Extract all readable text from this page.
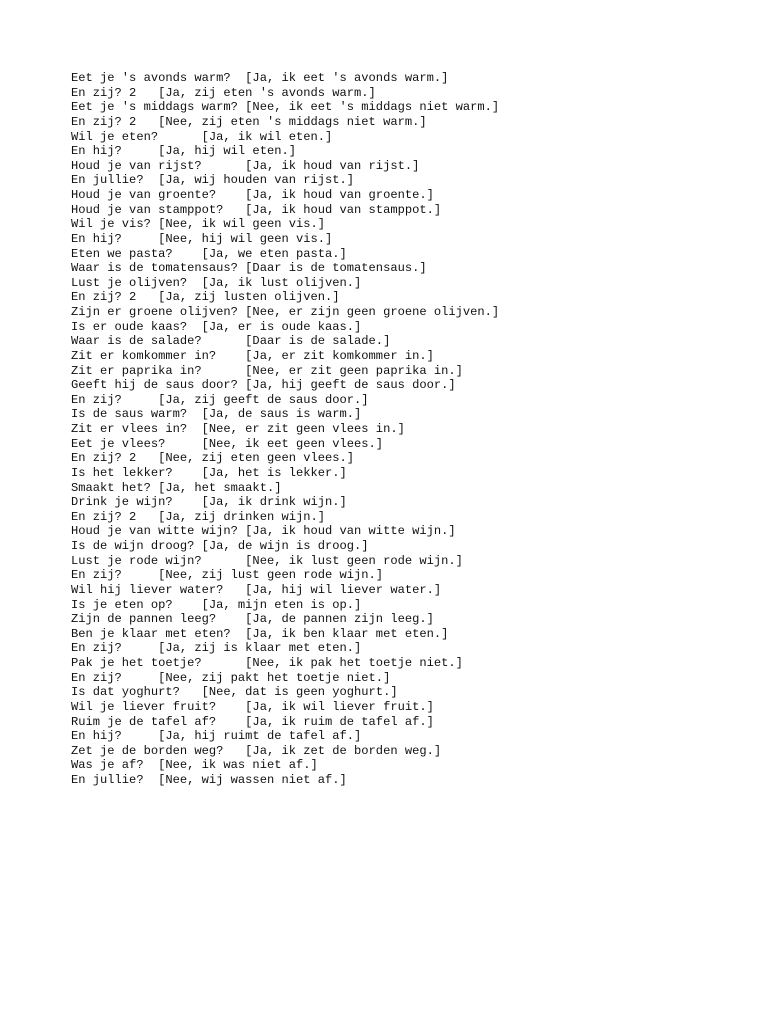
Eet je 's avonds warm?  [Ja, ik eet 's avonds warm.]

En zij? 2   [Ja, zij eten 's avonds warm.]

Eet je 's middags warm? [Nee, ik eet 's middags niet warm.]

En zij? 2   [Nee, zij eten 's middags niet warm.]

Wil je eten?      [Ja, ik wil eten.]

En hij?     [Ja, hij wil eten.]

Houd je van rijst?      [Ja, ik houd van rijst.]

En jullie?  [Ja, wij houden van rijst.]

Houd je van groente?    [Ja, ik houd van groente.]

Houd je van stamppot?   [Ja, ik houd van stamppot.]

Wil je vis? [Nee, ik wil geen vis.]

En hij?     [Nee, hij wil geen vis.]

Eten we pasta?    [Ja, we eten pasta.]

Waar is de tomatensaus? [Daar is de tomatensaus.]

Lust je olijven?  [Ja, ik lust olijven.]

En zij? 2   [Ja, zij lusten olijven.]

Zijn er groene olijven? [Nee, er zijn geen groene olijven.]

Is er oude kaas?  [Ja, er is oude kaas.]

Waar is de salade?      [Daar is de salade.]

Zit er komkommer in?    [Ja, er zit komkommer in.]

Zit er paprika in?      [Nee, er zit geen paprika in.]

Geeft hij de saus door? [Ja, hij geeft de saus door.]

En zij?     [Ja, zij geeft de saus door.]

Is de saus warm?  [Ja, de saus is warm.]

Zit er vlees in?  [Nee, er zit geen vlees in.]

Eet je vlees?     [Nee, ik eet geen vlees.]

En zij? 2   [Nee, zij eten geen vlees.]

Is het lekker?    [Ja, het is lekker.]

Smaakt het? [Ja, het smaakt.]

Drink je wijn?    [Ja, ik drink wijn.]

En zij? 2   [Ja, zij drinken wijn.]

Houd je van witte wijn? [Ja, ik houd van witte wijn.]

Is de wijn droog? [Ja, de wijn is droog.]

Lust je rode wijn?      [Nee, ik lust geen rode wijn.]

En zij?     [Nee, zij lust geen rode wijn.]

Wil hij liever water?   [Ja, hij wil liever water.]

Is je eten op?    [Ja, mijn eten is op.]

Zijn de pannen leeg?    [Ja, de pannen zijn leeg.]

Ben je klaar met eten?  [Ja, ik ben klaar met eten.]

En zij?     [Ja, zij is klaar met eten.]

Pak je het toetje?      [Nee, ik pak het toetje niet.]

En zij?     [Nee, zij pakt het toetje niet.]

Is dat yoghurt?   [Nee, dat is geen yoghurt.]

Wil je liever fruit?    [Ja, ik wil liever fruit.]

Ruim je de tafel af?    [Ja, ik ruim de tafel af.]

En hij?     [Ja, hij ruimt de tafel af.]

Zet je de borden weg?   [Ja, ik zet de borden weg.]

Was je af?  [Nee, ik was niet af.]

En jullie?  [Nee, wij wassen niet af.]
